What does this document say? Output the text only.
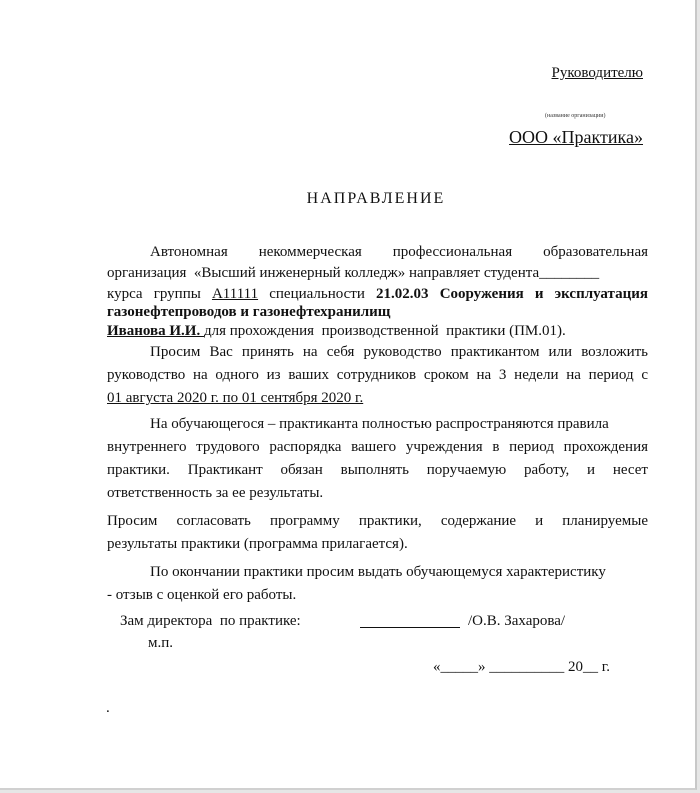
Руководителю
(название организации)
ООО «Практика»
НАПРАВЛЕНИЕ
Автономная некоммерческая профессиональная образовательная
организация  «Высший инженерный колледж» направляет студента________
курса группы А11111 специальности 21.02.03 Сооружения и эксплуатация
газонефтепроводов и газонефтехранилищ
Иванова И.И. для прохождения  производственной  практики (ПМ.01).
Просим Вас принять на себя руководство практикантом или возложить
руководство на одного из ваших сотрудников сроком на 3 недели на период с
01 августа 2020 г. по 01 сентября 2020 г.
На обучающегося – практиканта полностью распространяются правила
внутреннего трудового распорядка вашего учреждения в период прохождения
практики. Практикант обязан выполнять поручаемую работу, и несет
ответственность за ее результаты.
Просим согласовать программу практики, содержание и планируемые
результаты практики (программа прилагается).
По окончании практики просим выдать обучающемуся характеристику
- отзыв с оценкой его работы.
Зам директора  по практике:	/О.В. Захарова/
м.п.
«_____» __________ 20__ г.
.
